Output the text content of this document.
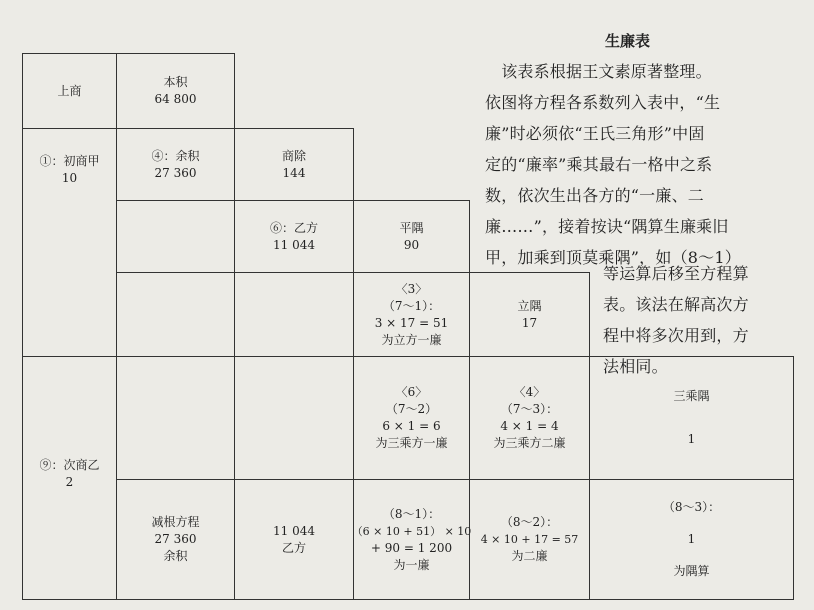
生廉表
　该表系根据王文素原著整理。
依图将方程各系数列入表中，“生
廉”时必须依“王氏三角形”中固
定的“廉率”乘其最右一格中之系
数，依次生出各方的“一廉、二
廉……”，接着按诀“隅算生廉乘旧
甲，加乘到顶莫乘隅”，如（8～1）
等运算后移至方程算
表。该法在解高次方
程中将多次用到，方
法相同。
上商
①：初商甲
10
⑨：次商乙
2
本积
64 800
④：余积
27 360
减根方程
27 360
余积
商除
144
⑥：乙方
11 044
11 044
乙方
平隅
90
〈3〉
（7～1）：
3 × 17 = 51
为立方一廉
〈6〉
（7～2）
6 × 1 = 6
为三乘方一廉
（8～1）：
（6 × 10 + 51） × 10
+ 90 = 1 200
为一廉
立隅
17
〈4〉
（7～3）：
4 × 1 = 4
为三乘方二廉
（8～2）：
4 × 10 + 17 = 57
为二廉
三乘隅
1
（8～3）：
1
为隅算
